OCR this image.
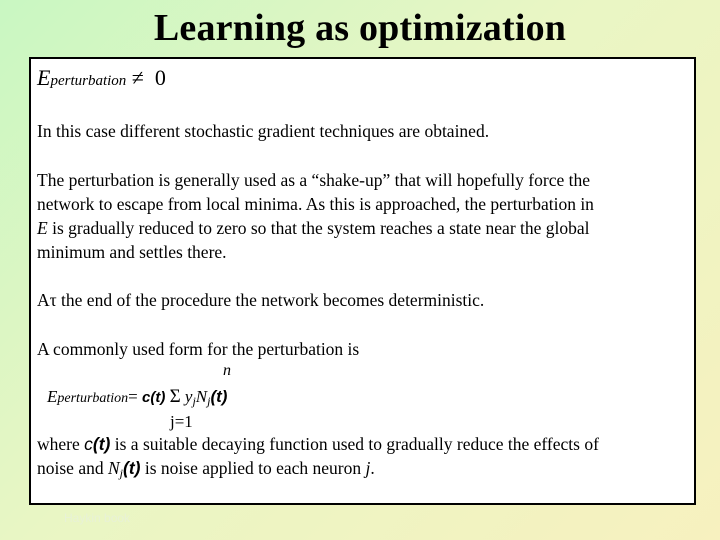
Learning as optimization
Eperturbation ≠ 0
In this case different stochastic gradient techniques are obtained.
The perturbation is generally used as a “shake-up” that will hopefully force the
network to escape from local minima. As this is approached, the perturbation in
E is gradually reduced to zero so that the system reaches a state near the global
minimum and settles there.
Aτ the end of the procedure the network becomes deterministic.
A commonly used form for the perturbation is
n
Eperturbation= c(t) Σ yjNj(t)
j=1
where c(t) is a suitable decaying function used to gradually reduce the effects of
noise and Nj(t) is noise applied to each neuron j.
Haykin book
